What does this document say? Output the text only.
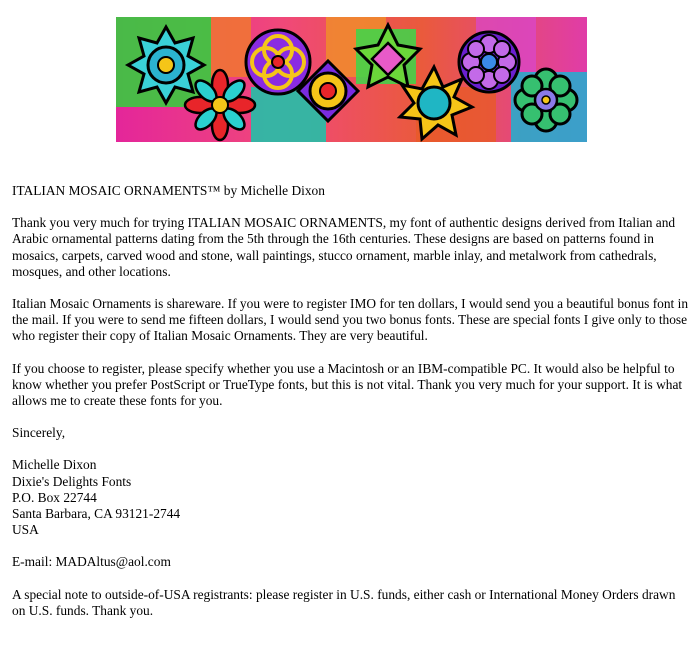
ITALIAN MOSAIC ORNAMENTS™ by Michelle Dixon

Thank you very much for trying ITALIAN MOSAIC ORNAMENTS, my font of authentic designs derived from Italian and Arabic ornamental patterns dating from the 5th through the 16th centuries. These designs are based on patterns found in mosaics, carpets, carved wood and stone, wall paintings, stucco ornament, marble inlay, and metalwork from cathedrals, mosques, and other locations.

Italian Mosaic Ornaments is shareware. If you were to register IMO for ten dollars, I would send you a beautiful bonus font in the mail. If you were to send me fifteen dollars, I would send you two bonus fonts. These are special fonts I give only to those who register their copy of Italian Mosaic Ornaments. They are very beautiful.

If you choose to register, please specify whether you use a Macintosh or an IBM-compatible PC. It would also be helpful to know whether you prefer PostScript or TrueType fonts, but this is not vital. Thank you very much for your support. It is what allows me to create these fonts for you.

Sincerely,

Michelle Dixon
Dixie's Delights Fonts
P.O. Box 22744
Santa Barbara, CA 93121-2744
USA

E-mail: MADAltus@aol.com

A special note to outside-of-USA registrants: please register in U.S. funds, either cash or International Money Orders drawn on U.S. funds. Thank you.
